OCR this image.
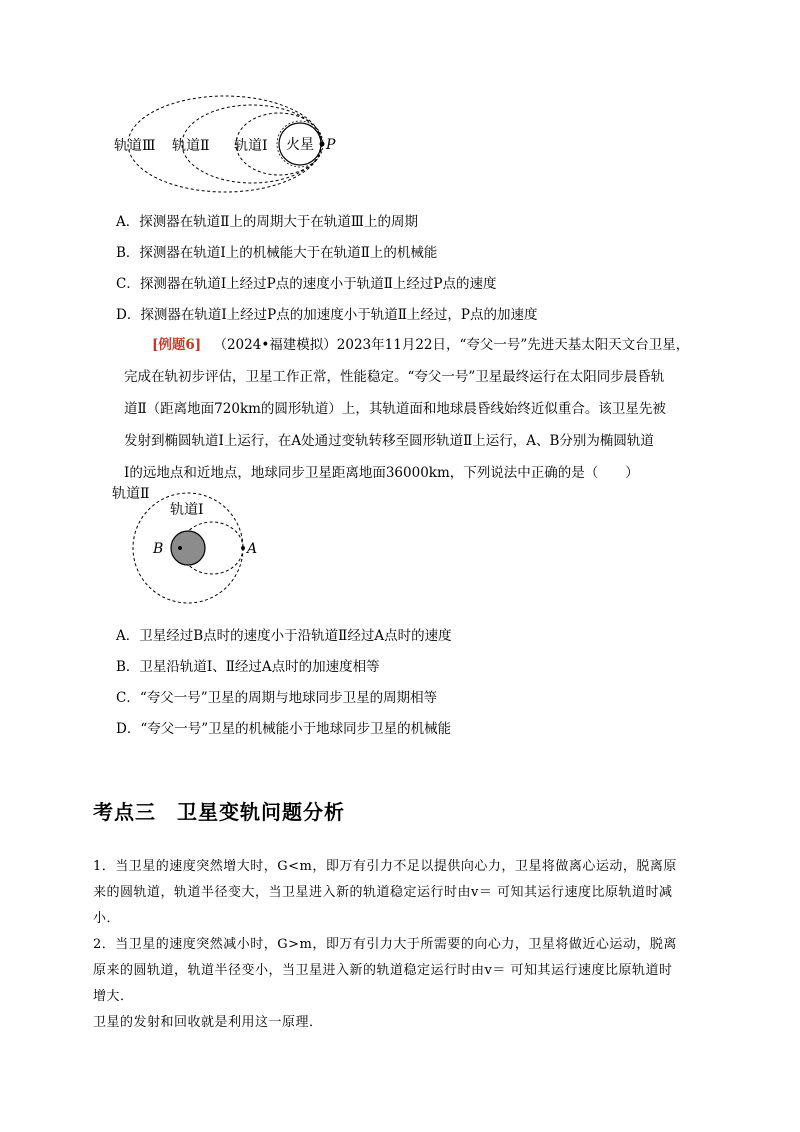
轨道Ⅲ 轨道Ⅱ 轨道Ⅰ 火星 P
A．探测器在轨道Ⅱ上的周期大于在轨道Ⅲ上的周期
B．探测器在轨道Ⅰ上的机械能大于在轨道Ⅱ上的机械能
C．探测器在轨道Ⅰ上经过P点的速度小于轨道Ⅱ上经过P点的速度
D．探测器在轨道Ⅰ上经过P点的加速度小于轨道Ⅱ上经过，P点的加速度
[例题6] （2024•福建模拟）2023年11月22日，“夸父一号”先进天基太阳天文台卫星，
完成在轨初步评估，卫星工作正常，性能稳定。“夸父一号”卫星最终运行在太阳同步晨昏轨
道Ⅱ（距离地面720km的圆形轨道）上，其轨道面和地球晨昏线始终近似重合。该卫星先被
发射到椭圆轨道Ⅰ上运行，在A处通过变轨转移至圆形轨道Ⅱ上运行，A、B分别为椭圆轨道
Ⅰ的远地点和近地点，地球同步卫星距离地面36000km，下列说法中正确的是（　　）
轨道Ⅱ
轨道Ⅰ
B	A
A．卫星经过B点时的速度小于沿轨道Ⅱ经过A点时的速度
B．卫星沿轨道Ⅰ、Ⅱ经过A点时的加速度相等
C．“夸父一号”卫星的周期与地球同步卫星的周期相等
D．“夸父一号”卫星的机械能小于地球同步卫星的机械能
考点三　卫星变轨问题分析
1．当卫星的速度突然增大时，G<m，即万有引力不足以提供向心力，卫星将做离心运动，脱离原
来的圆轨道，轨道半径变大，当卫星进入新的轨道稳定运行时由v＝ 可知其运行速度比原轨道时减
小．
2．当卫星的速度突然减小时，G>m，即万有引力大于所需要的向心力，卫星将做近心运动，脱离
原来的圆轨道，轨道半径变小，当卫星进入新的轨道稳定运行时由v＝ 可知其运行速度比原轨道时
增大．
卫星的发射和回收就是利用这一原理．
